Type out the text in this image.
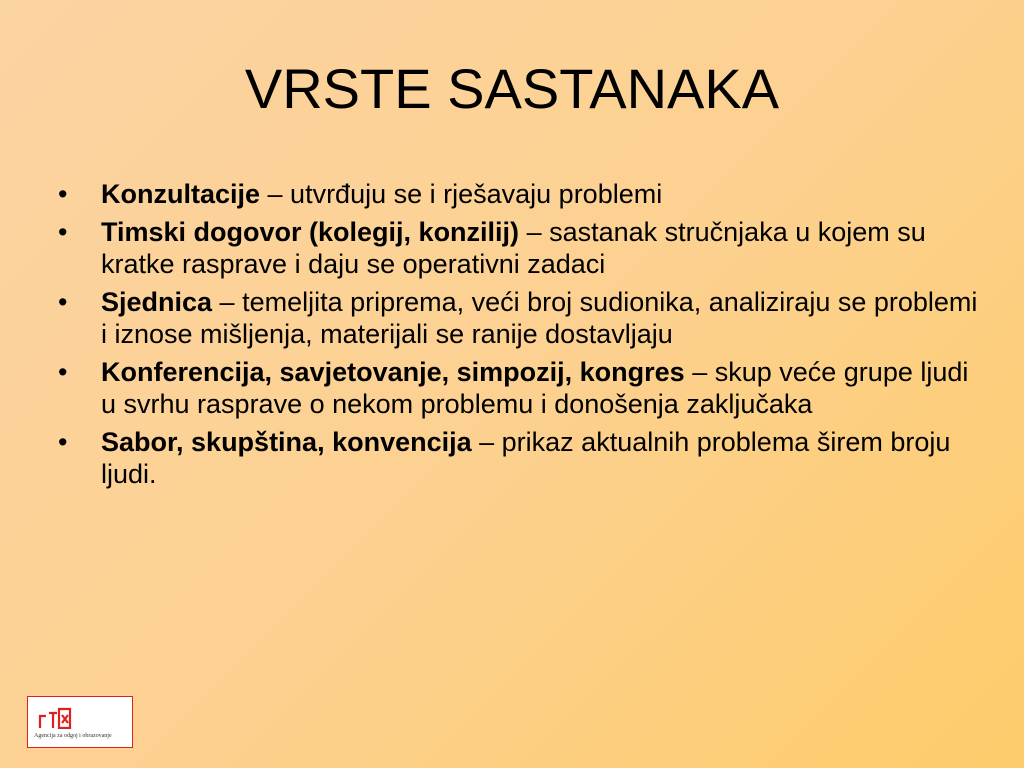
VRSTE SASTANAKA
• Konzultacije – utvrđuju se i rješavaju problemi
• Timski dogovor (kolegij, konzilij) – sastanak stručnjaka u kojem su kratke rasprave i daju se operativni zadaci
• Sjednica – temeljita priprema, veći broj sudionika, analiziraju se problemi i iznose mišljenja, materijali se ranije dostavljaju
• Konferencija, savjetovanje, simpozij, kongres – skup veće grupe ljudi u svrhu rasprave o nekom problemu i donošenja zaključaka
• Sabor, skupština, konvencija – prikaz aktualnih problema širem broju ljudi.
Agencija za odgoj i obrazovanje
